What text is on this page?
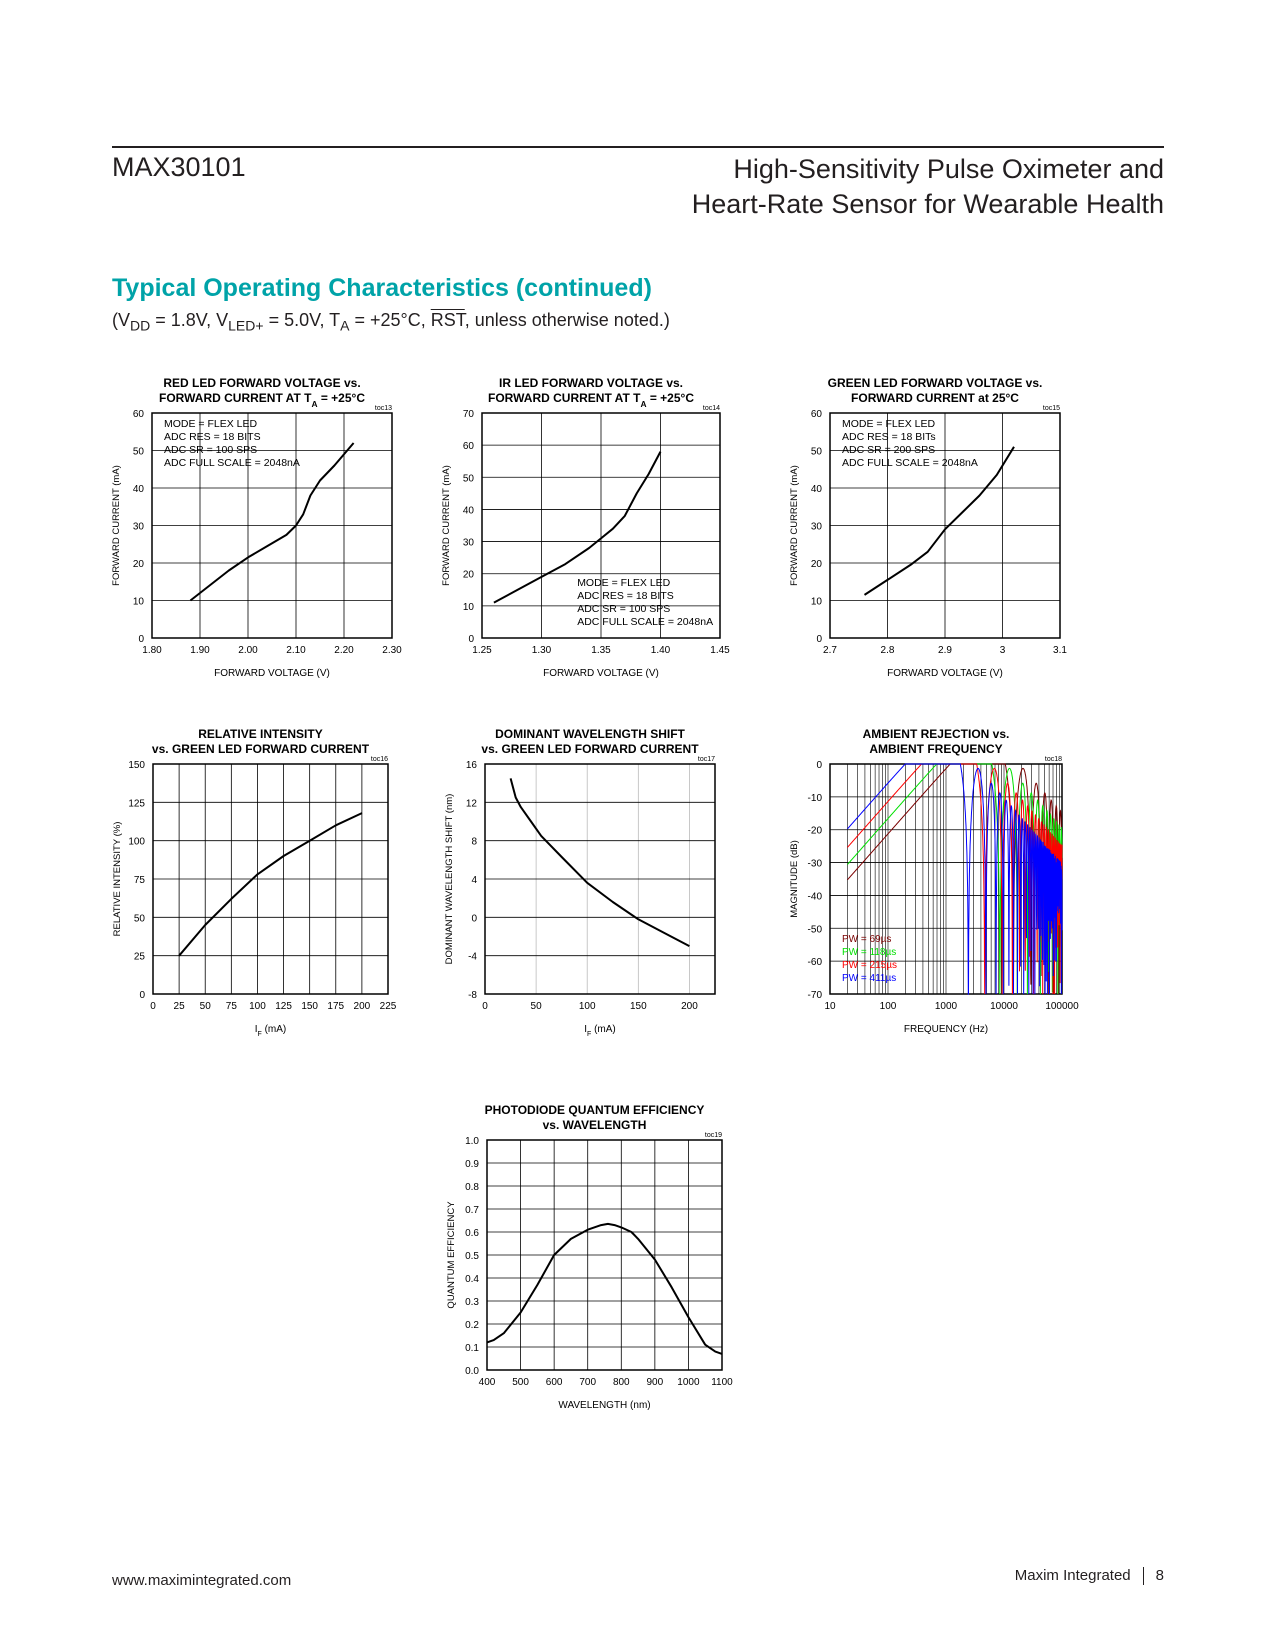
MAX30101	High-Sensitivity Pulse Oximeter and
Heart-Rate Sensor for Wearable Health
Typical Operating Characteristics (continued)
($V_{DD} = 1.8V$, $V_{LED+} = 5.0V$, $T_A = +25^\circ C$, $\overline{RST}$, unless otherwise noted.)
RED LED FORWARD VOLTAGE vs.
FORWARD CURRENT AT $T_A = +25^\circ C$
toc13
1.80	1.90	2.00	2.10	2.20	2.30
0
10
20
30
40
50
60
FORWARD VOLTAGE (V)
FORWARD CURRENT (mA)
MODE = FLEX LED
ADC RES = 18 BITS
ADC SR = 100 SPS
ADC FULL SCALE = 2048nA
IR LED FORWARD VOLTAGE vs.
FORWARD CURRENT AT $T_A = +25^\circ C$
toc14
1.25	1.30	1.35	1.40	1.45
0
10
20
30
40
50
60
70
FORWARD VOLTAGE (V)
FORWARD CURRENT (mA)	MODE = FLEX LED
ADC RES = 18 BITS
ADC SR = 100 SPS
ADC FULL SCALE = 2048nA
GREEN LED FORWARD VOLTAGE vs.
FORWARD CURRENT at 25°C
toc15
2.7	2.8	2.9	3	3.1
0
10
20
30
40
50
60
FORWARD VOLTAGE (V)
FORWARD CURRENT (mA)
MODE = FLEX LED
ADC RES = 18 BITs
ADC SR = 200 SPS
ADC FULL SCALE = 2048nA
RELATIVE INTENSITY
vs. GREEN LED FORWARD CURRENT
toc16
0 25 50 75 100 125 150 175 200 225
0
25
50
75
100
125
150
$I_F$ (mA)
RELATIVE INTENSITY (%)
DOMINANT WAVELENGTH SHIFT
vs. GREEN LED FORWARD CURRENT
toc17
0	50	100	150	200
-8
-4
0
4
8
12
16
$I_F$ (mA)
DOMINANT WAVELENGTH SHIFT (nm)
AMBIENT REJECTION vs.
AMBIENT FREQUENCY
toc18
10	100	1000	10000	100000
-70
-60
-50
-40
-30
-20
-10
0
FREQUENCY (Hz)
MAGNITUDE (dB)
PW = 69µs
PW = 118µs
PW = 215µs
PW = 411µs
PHOTODIODE QUANTUM EFFICIENCY
vs. WAVELENGTH
toc19
400 500 600 700 800 900 1000 1100
0.0
0.1
0.2
0.3
0.4
0.5
0.6
0.7
0.8
0.9
1.0
WAVELENGTH (nm)
QUANTUM EFFICIENCY
www.maximintegrated.com	Maxim Integrated 8
